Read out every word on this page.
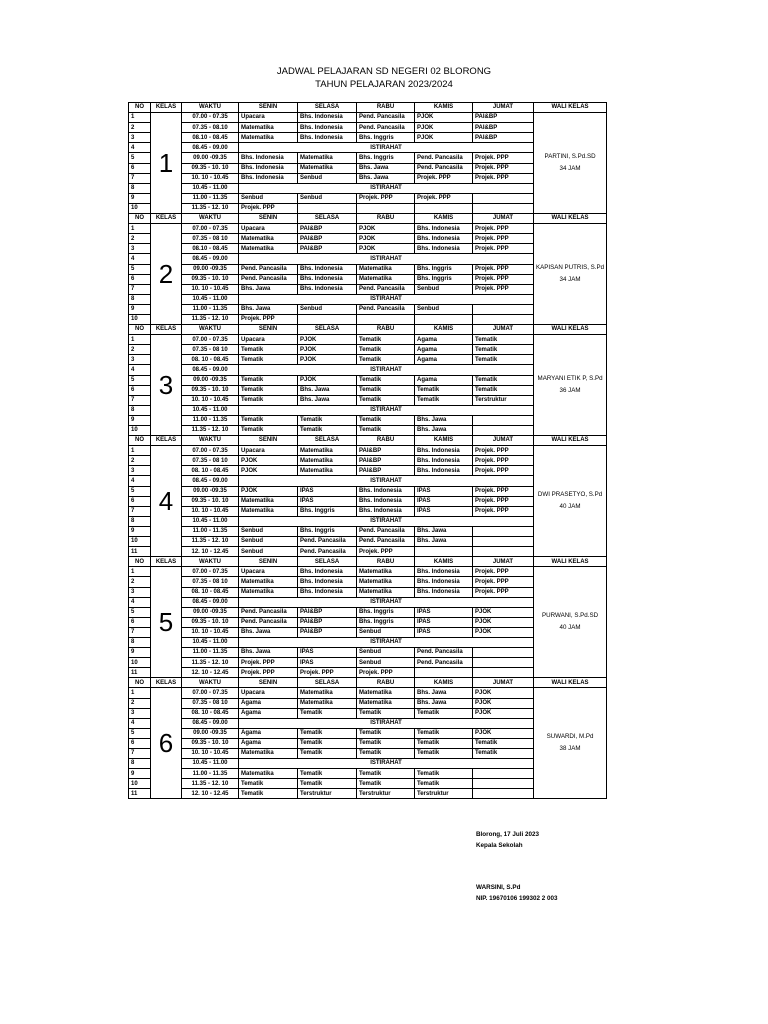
JADWAL PELAJARAN SD NEGERI 02 BLORONG
TAHUN PELAJARAN 2023/2024
NO	KELAS	WAKTU	SENIN	SELASA	RABU	KAMIS	JUMAT	WALI KELAS
1	1	07.00 - 07.35	Upacara	Bhs. Indonesia	Pend. Pancasila	PJOK	PAI&BP	PARTINI, S.Pd.SD
34 JAM

2		07.35 - 08.10	Matematika	Bhs. Indonesia	Pend. Pancasila	PJOK	PAI&BP	
3		08.10 - 08.45	Matematika	Bhs. Indonesia	Bhs. Inggris	PJOK	PAI&BP	
4		08.45 - 09.00	ISTIRAHAT					
5		09.00 -09.35	Bhs. Indonesia	Matematika	Bhs. Inggris	Pend. Pancasila	Projek. PPP	
6		09.35 - 10. 10	Bhs. Indonesia	Matematika	Bhs. Jawa	Pend. Pancasila	Projek. PPP	
7		10. 10 - 10.45	Bhs. Indonesia	Senbud	Bhs. Jawa	Projek. PPP	Projek. PPP	
8		10.45 - 11.00	ISTIRAHAT					
9		11.00 - 11.35	Senbud	Senbud	Projek. PPP	Projek. PPP		
10		11.35 - 12. 10	Projek. PPP					
NO	KELAS	WAKTU	SENIN	SELASA	RABU	KAMIS	JUMAT	WALI KELAS
1	2	07.00 - 07.35	Upacara	PAI&BP	PJOK	Bhs. Indonesia	Projek. PPP	KAPISAN PUTRIS, S.Pd
34 JAM

2		07.35 - 08 10	Matematika	PAI&BP	PJOK	Bhs. Indonesia	Projek. PPP	
3		08.10 - 08.45	Matematika	PAI&BP	PJOK	Bhs. Indonesia	Projek. PPP	
4		08.45 - 09.00	ISTIRAHAT					
5		09.00 -09.35	Pend. Pancasila	Bhs. Indonesia	Matematika	Bhs. Inggris	Projek. PPP	
6		09.35 - 10. 10	Pend. Pancasila	Bhs. Indonesia	Matematika	Bhs. Inggris	Projek. PPP	
7		10. 10 - 10.45	Bhs. Jawa	Bhs. Indonesia	Pend. Pancasila	Senbud	Projek. PPP	
8		10.45 - 11.00	ISTIRAHAT					
9		11.00 - 11.35	Bhs. Jawa	Senbud	Pend. Pancasila	Senbud		
10		11.35 - 12. 10	Projek. PPP					
NO	KELAS	WAKTU	SENIN	SELASA	RABU	KAMIS	JUMAT	WALI KELAS
1	3	07.00 - 07.35	Upacara	PJOK	Tematik	Agama	Tematik	MARYANI ETIK P, S.Pd
36 JAM

2		07.35 - 08 10	Tematik	PJOK	Tematik	Agama	Tematik	
3		08. 10 - 08.45	Tematik	PJOK	Tematik	Agama	Tematik	
4		08.45 - 09.00	ISTIRAHAT					
5		09.00 -09.35	Tematik	PJOK	Tematik	Agama	Tematik	
6		09.35 - 10. 10	Tematik	Bhs. Jawa	Tematik	Tematik	Tematik	
7		10. 10 - 10.45	Tematik	Bhs. Jawa	Tematik	Tematik	Terstruktur	
8		10.45 - 11.00	ISTIRAHAT					
9		11.00 - 11.35	Tematik	Tematik	Tematik	Bhs. Jawa		
10		11.35 - 12. 10	Tematik	Tematik	Tematik	Bhs. Jawa		
NO	KELAS	WAKTU	SENIN	SELASA	RABU	KAMIS	JUMAT	WALI KELAS
1	4	07.00 - 07.35	Upacara	Matematika	PAI&BP	Bhs. Indonesia	Projek. PPP	DWI PRASETYO, S.Pd
40 JAM

2		07.35 - 08 10	PJOK	Matematika	PAI&BP	Bhs. Indonesia	Projek. PPP	
3		08. 10 - 08.45	PJOK	Matematika	PAI&BP	Bhs. Indonesia	Projek. PPP	
4		08.45 - 09.00	ISTIRAHAT					
5		09.00 -09.35	PJOK	IPAS	Bhs. Indonesia	IPAS	Projek. PPP	
6		09.35 - 10. 10	Matematika	IPAS	Bhs. Indonesia	IPAS	Projek. PPP	
7		10. 10 - 10.45	Matematika	Bhs. Inggris	Bhs. Indonesia	IPAS	Projek. PPP	
8		10.45 - 11.00	ISTIRAHAT					
9		11.00 - 11.35	Senbud	Bhs. Inggris	Pend. Pancasila	Bhs. Jawa		
10		11.35 - 12. 10	Senbud	Pend. Pancasila	Pend. Pancasila	Bhs. Jawa		
11		12. 10 - 12.45	Senbud	Pend. Pancasila	Projek. PPP			
NO	KELAS	WAKTU	SENIN	SELASA	RABU	KAMIS	JUMAT	WALI KELAS
1	5	07.00 - 07.35	Upacara	Bhs. Indonesia	Matematika	Bhs. Indonesia	Projek. PPP	PURWANI, S.Pd.SD
40 JAM

2		07.35 - 08 10	Matematika	Bhs. Indonesia	Matematika	Bhs. Indonesia	Projek. PPP	
3		08. 10 - 08.45	Matematika	Bhs. Indonesia	Matematika	Bhs. Indonesia	Projek. PPP	
4		08.45 - 09.00	ISTIRAHAT					
5		09.00 -09.35	Pend. Pancasila	PAI&BP	Bhs. Inggris	IPAS	PJOK	
6		09.35 - 10. 10	Pend. Pancasila	PAI&BP	Bhs. Inggris	IPAS	PJOK	
7		10. 10 - 10.45	Bhs. Jawa	PAI&BP	Senbud	IPAS	PJOK	
8		10.45 - 11.00	ISTIRAHAT					
9		11.00 - 11.35	Bhs. Jawa	IPAS	Senbud	Pend. Pancasila		
10		11.35 - 12. 10	Projek. PPP	IPAS	Senbud	Pend. Pancasila		
11		12. 10 - 12.45	Projek. PPP	Projek. PPP	Projek. PPP			
NO	KELAS	WAKTU	SENIN	SELASA	RABU	KAMIS	JUMAT	WALI KELAS
1	6	07.00 - 07.35	Upacara	Matematika	Matematika	Bhs. Jawa	PJOK	SUWARDI, M.Pd
38 JAM

2		07.35 - 08 10	Agama	Matematika	Matematika	Bhs. Jawa	PJOK	
3		08. 10 - 08.45	Agama	Tematik	Tematik	Tematik	PJOK	
4		08.45 - 09.00	ISTIRAHAT					
5		09.00 -09.35	Agama	Tematik	Tematik	Tematik	PJOK	
6		09.35 - 10. 10	Agama	Tematik	Tematik	Tematik	Tematik	
7		10. 10 - 10.45	Matematika	Tematik	Tematik	Tematik	Tematik	
8		10.45 - 11.00	ISTIRAHAT					
9		11.00 - 11.35	Matematika	Tematik	Tematik	Tematik		
10		11.35 - 12. 10	Tematik	Tematik	Tematik	Tematik		
11		12. 10 - 12.45	Tematik	Terstruktur	Terstruktur	Terstruktur		
Blorong, 17 Juli 2023
Kepala Sekolah
WARSINI, S.Pd
NIP. 19670106 199302 2 003
